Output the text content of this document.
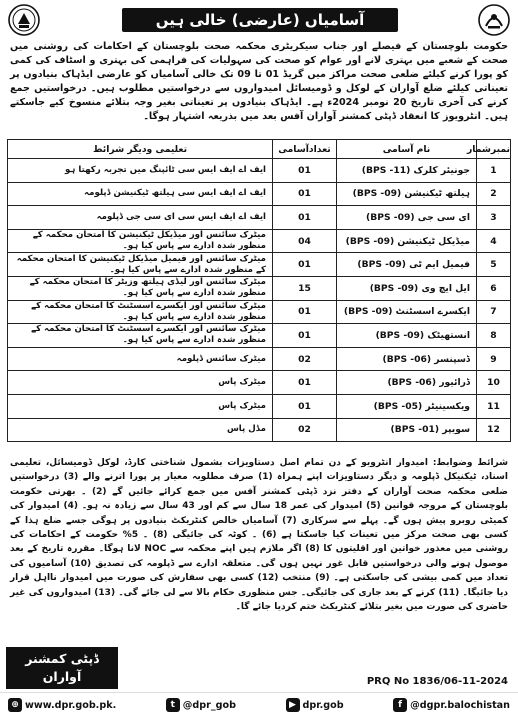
آسامیاں (عارضی) خالی ہیں

حکومت بلوچستان کے فیصلے اور جناب سیکریٹری محکمہ صحت بلوچستان کے احکامات کی روشنی میں صحت کے شعبے میں بہتری لانے اور عوام کو صحت کی سہولیات کی فراہمی کی بہتری و اسٹاف کی کمی کو پورا کرنے کیلئے ضلعی صحت مراکز میں گریڈ 01 تا 09 تک خالی آسامیاں کو عارضی ایڈہاک بنیادوں پر تعیناتی کیلئے ضلع آواران کے لوکل و ڈومیسائل امیدواروں سے درخواستیں مطلوب ہیں۔ درخواستیں جمع کرنے کی آخری تاریخ 20 نومبر 2024ء ہے۔ ایڈہاک بنیادوں پر تعیناتی بغیر وجہ بتلائے منسوخ کیے جاسکتے ہیں۔ انٹرویوز کا انعقاد ڈپٹی کمشنر آواران آفس بعد میں بذریعہ اشتہار ہوگا۔

نمبرشمار	نام آسامی	تعدادآسامی	تعلیمی ودیگر شرائط
1	جونیئر کلرک (BPS -11)	01	ایف اے ایف ایس سی ٹائپنگ میں تجربہ رکھتا ہو
2	ہیلتھ ٹیکنیشن (BPS -09)	01	ایف اے ایف ایس سی ہیلتھ ٹیکنیشن ڈپلومہ
3	ای سی جی (BPS -09)	01	ایف اے ایف ایس سی ای سی جی ڈپلومہ
4	میڈیکل ٹیکنیشن (BPS -09)	04	میٹرک سائنس اور میڈیکل ٹیکنیشن کا امتحان محکمہ کے منظور شدہ ادارے سے پاس کیا ہو۔
5	فیمیل ایم ٹی (BPS -09)	01	میٹرک سائنس اور فیمیل میڈیکل ٹیکنیشن کا امتحان محکمہ کے منظور شدہ ادارے سے پاس کیا ہو۔
6	ایل ایچ وی (BPS -09)	15	میٹرک سائنس اور لیڈی ہیلتھ وزیٹر کا امتحان محکمہ کے منظور شدہ ادارے سے پاس کیا ہو۔
7	ایکسرے اسسٹنٹ (BPS -09)	01	میٹرک سائنس اور ایکسرے اسسٹنٹ کا امتحان محکمہ کے منظور شدہ ادارے سے پاس کیا ہو۔
8	انستھیٹک (BPS -09)	01	میٹرک سائنس اور ایکسرے اسسٹنٹ کا امتحان محکمہ کے منظور شدہ ادارے سے پاس کیا ہو۔
9	ڈسپنسر (BPS -06)	02	میٹرک سائنس ڈپلومہ
10	ڈرائیور (BPS -06)	01	میٹرک پاس
11	ویکسینیٹر (BPS -05)	01	میٹرک پاس
12	سویپر (BPS -01)	02	مڈل پاس

شرائط وضوابط: امیدوار انٹرویو کے دن تمام اصل دستاویزات بشمول شناختی کارڈ، لوکل ڈومیسائل، تعلیمی اسناد، ٹیکنیکل ڈپلومہ و دیگر دستاویزات اپنے ہمراہ (1) صرف مطلوبہ معیار پر پورا اترنے والے (3) درخواستیں ضلعی محکمہ صحت آواران کے دفتر نزد ڈپٹی کمشنر آفس میں جمع کرائے جائیں گے (2) ۔ بھرتی حکومت بلوچستان کے مروجہ قوانین (5) امیدوار کی عمر 18 سال سے کم اور 43 سال سے زیادہ نہ ہو۔ (4) امیدوار کی کمیٹی روبرو پیش ہوں گے۔ پہلے سے سرکاری (7) آسامیاں خالص کنٹریکٹ بنیادوں پر ہوگی جسے ضلع ہذا کے کسی بھی صحت مرکز میں تعینات کیا جاسکتا ہے (6) ۔ کوٹہ کی جائیگی (8) ۔ 5% حکومت کے احکامات کی روشنی میں معذور خواتین اور اقلیتوں کا (8) اگر ملازم ہیں اپنے محکمہ سے NOC لانا ہوگا۔ مقررہ تاریخ کے بعد موصول ہونے والی درخواستیں قابل غور نہیں ہوں گی۔ متعلقہ ادارے سے ڈپلومہ کی تصدیق (10) آسامیوں کی تعداد میں کمی بیشی کی جاسکتی ہے۔ (9) منتخب (12) کسی بھی سفارش کی صورت میں امیدوار نااہل قرار دیا جائیگا۔ (11) کرنے کے بعد جاری کی جائیگی۔ جس منظوری حکام بالا سے لی جائے گی۔ (13) امیدواروں کی غیر حاضری کی صورت میں بغیر بتلائے کنٹریکٹ ختم کردیا جائے گا۔

ڈپٹی کمشنر
آواران	PRQ No 1836/06-11-2024
⊕ www.dpr.gob.pk.	t @dpr_gob	▶ dpr.gob	f @dgpr.balochistan
